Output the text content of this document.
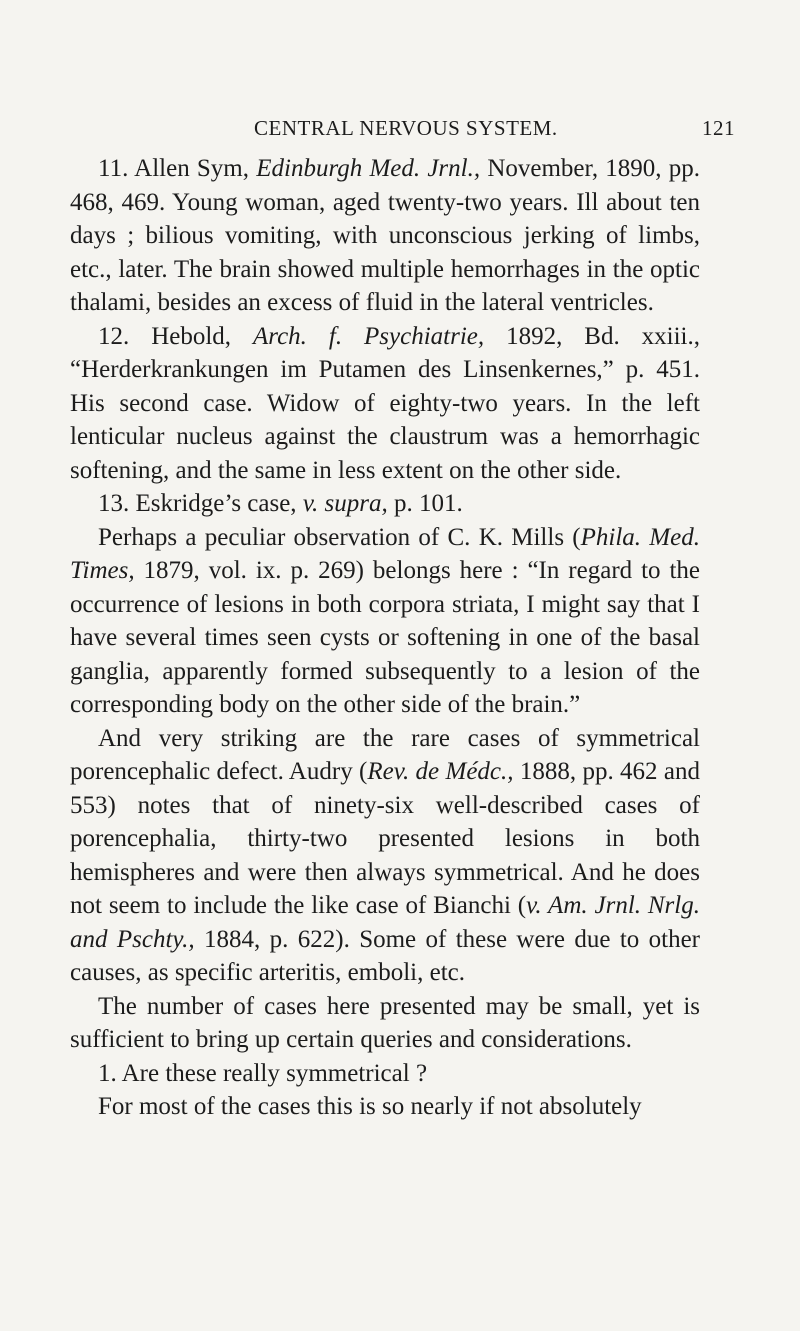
CENTRAL NERVOUS SYSTEM.	121

11. Allen Sym, Edinburgh Med. Jrnl., November, 1890, pp. 468, 469. Young woman, aged twenty-two years. Ill about ten days ; bilious vomiting, with unconscious jerking of limbs, etc., later. The brain showed multiple hemorrhages in the optic thalami, besides an excess of fluid in the lateral ventricles.

12. Hebold, Arch. f. Psychiatrie, 1892, Bd. xxiii., “Herderkrankungen im Putamen des Linsenkernes,” p. 451. His second case. Widow of eighty-two years. In the left lenticular nucleus against the claustrum was a hemorrhagic softening, and the same in less extent on the other side.

13. Eskridge’s case, v. supra, p. 101.

Perhaps a peculiar observation of C. K. Mills (Phila. Med. Times, 1879, vol. ix. p. 269) belongs here : “In regard to the occurrence of lesions in both corpora striata, I might say that I have several times seen cysts or softening in one of the basal ganglia, apparently formed subsequently to a lesion of the corresponding body on the other side of the brain.”

And very striking are the rare cases of symmetrical porencephalic defect. Audry (Rev. de Médc., 1888, pp. 462 and 553) notes that of ninety-six well-described cases of porencephalia, thirty-two presented lesions in both hemispheres and were then always symmetrical. And he does not seem to include the like case of Bianchi (v. Am. Jrnl. Nrlg. and Pschty., 1884, p. 622). Some of these were due to other causes, as specific arteritis, emboli, etc.

The number of cases here presented may be small, yet is sufficient to bring up certain queries and considerations.

1. Are these really symmetrical ?

For most of the cases this is so nearly if not absolutely
